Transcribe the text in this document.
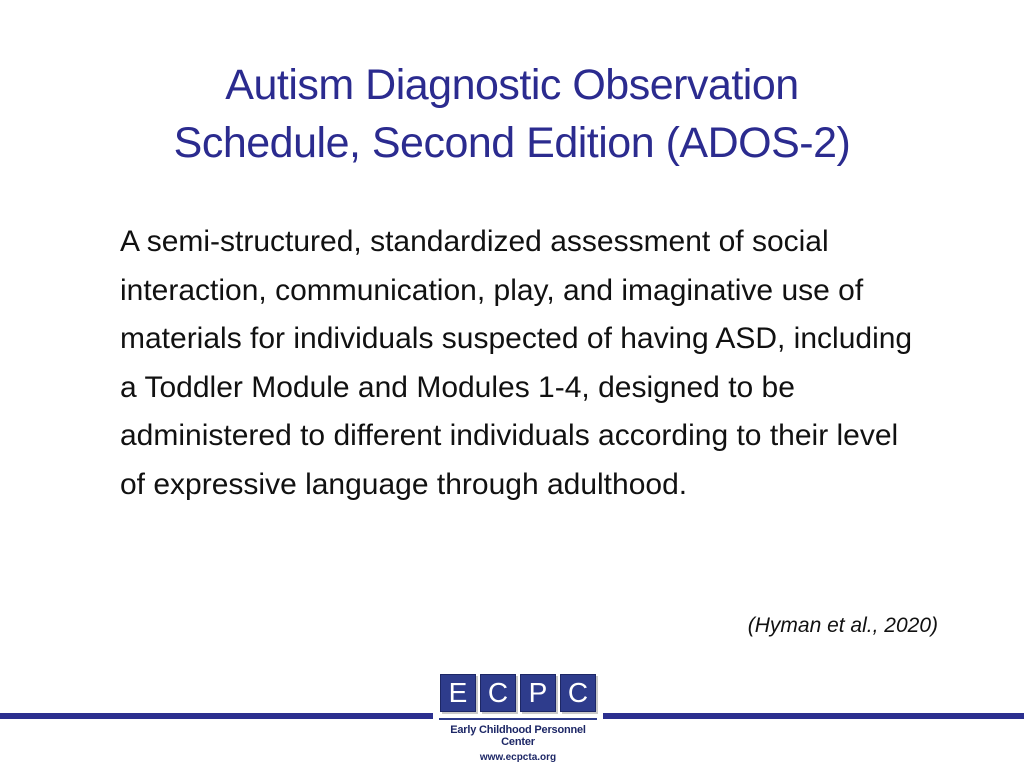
Autism Diagnostic Observation
Schedule, Second Edition (ADOS-2)

A semi-structured, standardized assessment of social interaction, communication, play, and imaginative use of materials for individuals suspected of having ASD, including a Toddler Module and Modules 1-4, designed to be administered to different individuals according to their level of expressive language through adulthood.

(Hyman et al., 2020)
E C P C
Early Childhood Personnel Center
www.ecpcta.org
